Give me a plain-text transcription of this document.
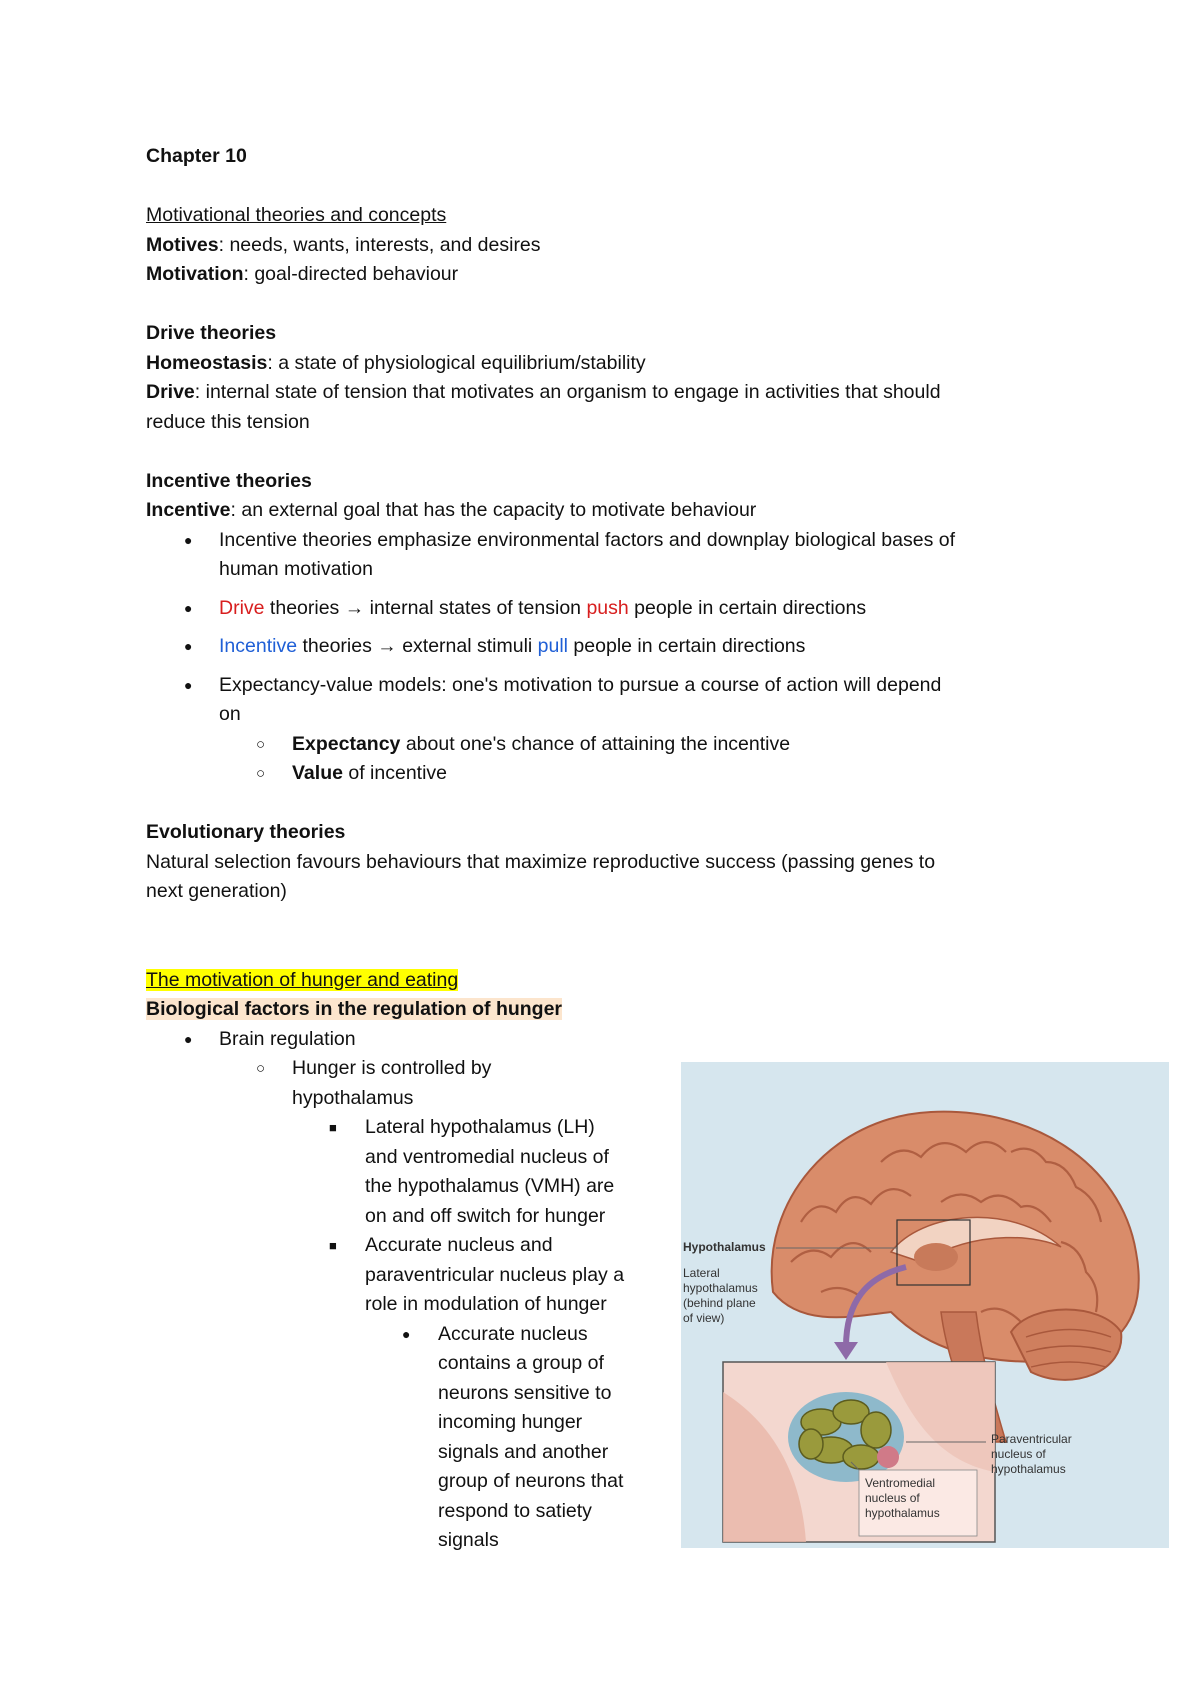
Chapter 10
Motivational theories and concepts
Motives: needs, wants, interests, and desires
Motivation: goal-directed behaviour
Drive theories
Homeostasis: a state of physiological equilibrium/stability
Drive: internal state of tension that motivates an organism to engage in activities that should
reduce this tension
Incentive theories
Incentive: an external goal that has the capacity to motivate behaviour
● Incentive theories emphasize environmental factors and downplay biological bases of
human motivation
● Drive theories → internal states of tension push people in certain directions
● Incentive theories → external stimuli pull people in certain directions
● Expectancy-value models: one's motivation to pursue a course of action will depend
on
○ Expectancy about one's chance of attaining the incentive
○ Value of incentive
Evolutionary theories
Natural selection favours behaviours that maximize reproductive success (passing genes to
next generation)
The motivation of hunger and eating
Biological factors in the regulation of hunger
● Brain regulation
○ Hunger is controlled by
hypothalamus
■ Lateral hypothalamus (LH)
and ventromedial nucleus of
the hypothalamus (VMH) are
on and off switch for hunger
■ Accurate nucleus and
paraventricular nucleus play a
role in modulation of hunger
● Accurate nucleus
contains a group of
neurons sensitive to
incoming hunger
signals and another
group of neurons that
respond to satiety
signals
Hypothalamus
Lateral
hypothalamus
(behind plane
of view)
Paraventricular
nucleus of
hypothalamus
Ventromedial
nucleus of
hypothalamus
